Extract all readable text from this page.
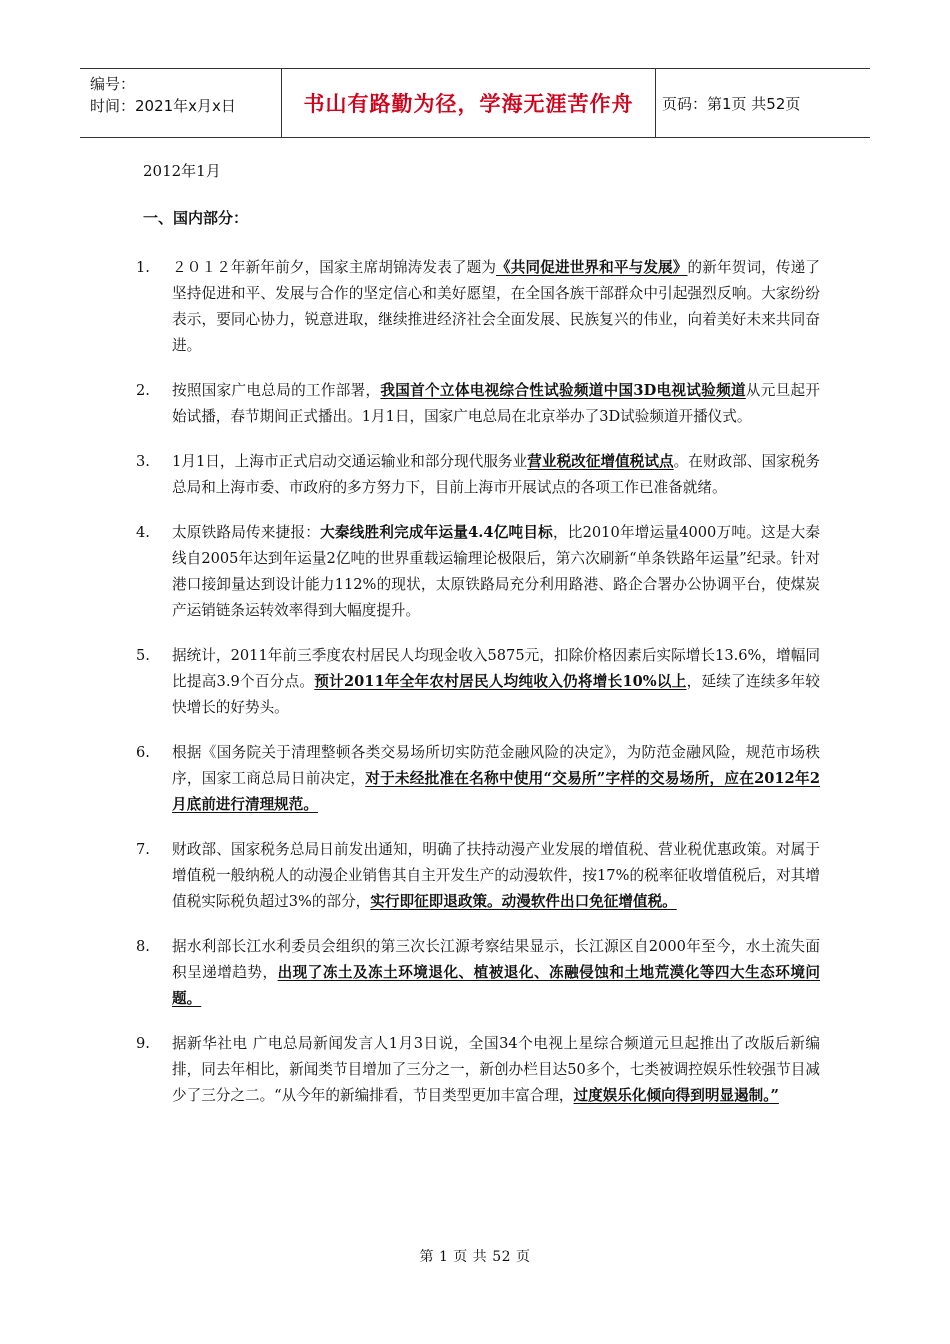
编号：
时间：2021年x月x日	书山有路勤为径，学海无涯苦作舟 页码：第1页 共52页
2012年1月
一、国内部分：
1.	２０１２年新年前夕，国家主席胡锦涛发表了题为《共同促进世界和平与发展》的新年贺词，传递了坚持促进和平、发展与合作的坚定信心和美好愿望，在全国各族干部群众中引起强烈反响。大家纷纷表示，要同心协力，锐意进取，继续推进经济社会全面发展、民族复兴的伟业，向着美好未来共同奋进。
2.	按照国家广电总局的工作部署，我国首个立体电视综合性试验频道中国3D电视试验频道从元旦起开始试播，春节期间正式播出。1月1日，国家广电总局在北京举办了3D试验频道开播仪式。
3.	1月1日，上海市正式启动交通运输业和部分现代服务业营业税改征增值税试点。在财政部、国家税务总局和上海市委、市政府的多方努力下，目前上海市开展试点的各项工作已准备就绪。
4.	太原铁路局传来捷报：大秦线胜利完成年运量4.4亿吨目标，比2010年增运量4000万吨。这是大秦线自2005年达到年运量2亿吨的世界重载运输理论极限后，第六次刷新“单条铁路年运量”纪录。针对港口接卸量达到设计能力112%的现状，太原铁路局充分利用路港、路企合署办公协调平台，使煤炭产运销链条运转效率得到大幅度提升。
5.	据统计，2011年前三季度农村居民人均现金收入5875元，扣除价格因素后实际增长13.6%，增幅同比提高3.9个百分点。预计2011年全年农村居民人均纯收入仍将增长10%以上，延续了连续多年较快增长的好势头。
6.	根据《国务院关于清理整顿各类交易场所切实防范金融风险的决定》，为防范金融风险，规范市场秩序，国家工商总局日前决定，对于未经批准在名称中使用“交易所”字样的交易场所，应在2012年2月底前进行清理规范。
7.	财政部、国家税务总局日前发出通知，明确了扶持动漫产业发展的增值税、营业税优惠政策。对属于增值税一般纳税人的动漫企业销售其自主开发生产的动漫软件，按17%的税率征收增值税后，对其增值税实际税负超过3%的部分，实行即征即退政策。动漫软件出口免征增值税。
8.	据水利部长江水利委员会组织的第三次长江源考察结果显示，长江源区自2000年至今，水土流失面积呈递增趋势，出现了冻土及冻土环境退化、植被退化、冻融侵蚀和土地荒漠化等四大生态环境问题。
9.	据新华社电 广电总局新闻发言人1月3日说，全国34个电视上星综合频道元旦起推出了改版后新编排，同去年相比，新闻类节目增加了三分之一，新创办栏目达50多个，七类被调控娱乐性较强节目减少了三分之二。“从今年的新编排看，节目类型更加丰富合理，过度娱乐化倾向得到明显遏制。”
第 1 页 共 52 页
